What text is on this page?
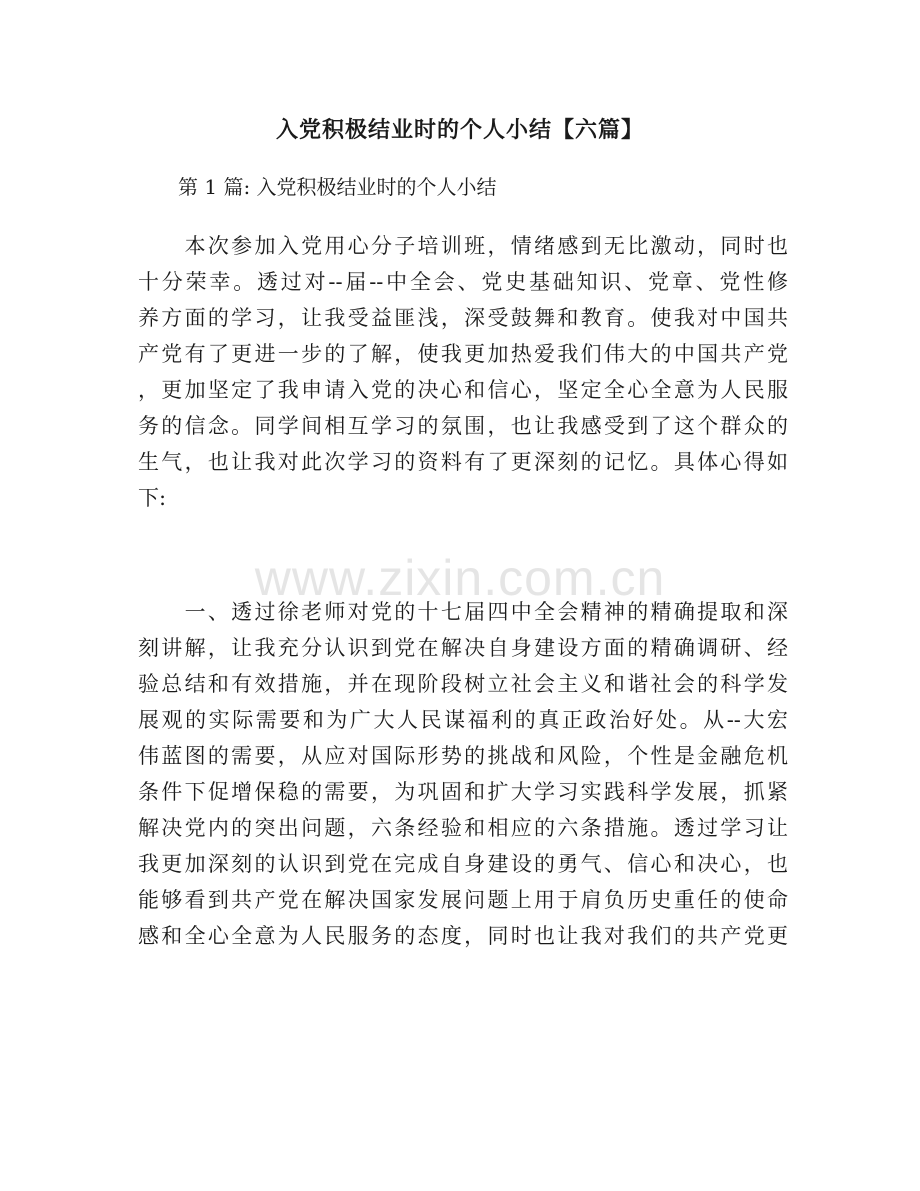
入党积极结业时的个人小结【六篇】
第 1 篇: 入党积极结业时的个人小结
　　本次参加入党用心分子培训班，情绪感到无比激动，同时也
十分荣幸。透过对--届--中全会、党史基础知识、党章、党性修
养方面的学习，让我受益匪浅，深受鼓舞和教育。使我对中国共
产党有了更进一步的了解，使我更加热爱我们伟大的中国共产党
，更加坚定了我申请入党的决心和信心，坚定全心全意为人民服
务的信念。同学间相互学习的氛围，也让我感受到了这个群众的
生气，也让我对此次学习的资料有了更深刻的记忆。具体心得如
下:
　　一、透过徐老师对党的十七届四中全会精神的精确提取和深
刻讲解，让我充分认识到党在解决自身建设方面的精确调研、经
验总结和有效措施，并在现阶段树立社会主义和谐社会的科学发
展观的实际需要和为广大人民谋福利的真正政治好处。从--大宏
伟蓝图的需要，从应对国际形势的挑战和风险，个性是金融危机
条件下促增保稳的需要，为巩固和扩大学习实践科学发展，抓紧
解决党内的突出问题，六条经验和相应的六条措施。透过学习让
我更加深刻的认识到党在完成自身建设的勇气、信心和决心，也
能够看到共产党在解决国家发展问题上用于肩负历史重任的使命
感和全心全意为人民服务的态度，同时也让我对我们的共产党更
www.zixin.com.cn
